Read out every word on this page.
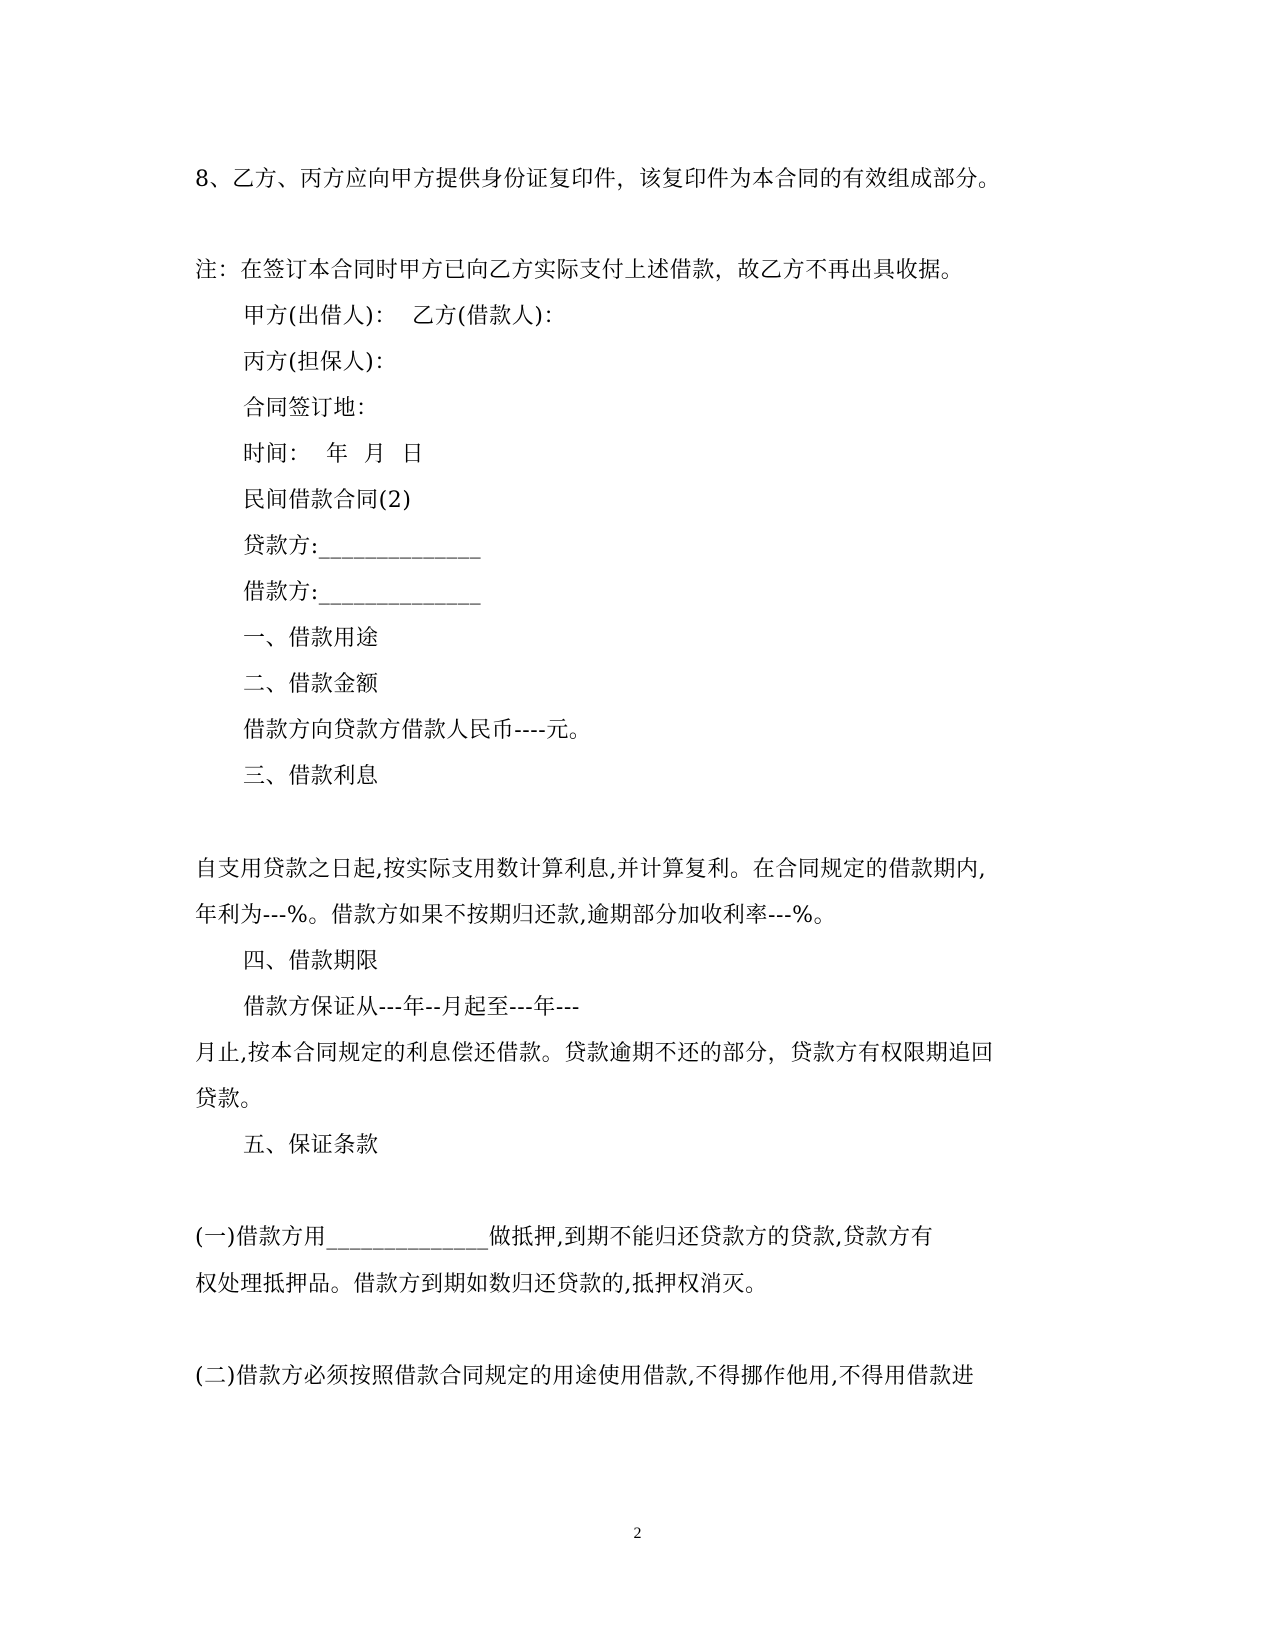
8、乙方、丙方应向甲方提供身份证复印件，该复印件为本合同的有效组成部分。
注：在签订本合同时甲方已向乙方实际支付上述借款，故乙方不再出具收据。
甲方(出借人)：  乙方(借款人)：
丙方(担保人)：
合同签订地：
时间：  年  月  日
民间借款合同(2)
贷款方:______________
借款方:______________
一、借款用途
二、借款金额
借款方向贷款方借款人民币----元。
三、借款利息
自支用贷款之日起,按实际支用数计算利息,并计算复利。在合同规定的借款期内,
年利为---%。借款方如果不按期归还款,逾期部分加收利率---%。
四、借款期限
借款方保证从---年--月起至---年---
月止,按本合同规定的利息偿还借款。贷款逾期不还的部分，贷款方有权限期追回
贷款。
五、保证条款
(一)借款方用______________做抵押,到期不能归还贷款方的贷款,贷款方有
权处理抵押品。借款方到期如数归还贷款的,抵押权消灭。
(二)借款方必须按照借款合同规定的用途使用借款,不得挪作他用,不得用借款进
2
